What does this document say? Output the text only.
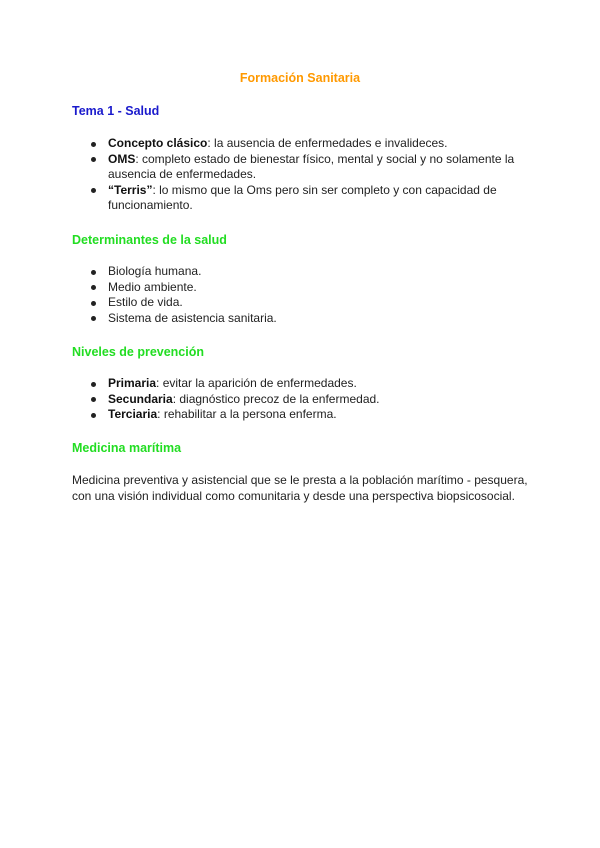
Formación Sanitaria
Tema 1 - Salud
Concepto clásico: la ausencia de enfermedades e invalideces.
OMS: completo estado de bienestar físico, mental y social y no solamente la ausencia de enfermedades.
“Terris”: lo mismo que la Oms pero sin ser completo y con capacidad de funcionamiento.
Determinantes de la salud
Biología humana.
Medio ambiente.
Estilo de vida.
Sistema de asistencia sanitaria.
Niveles de prevención
Primaria: evitar la aparición de enfermedades.
Secundaria: diagnóstico precoz de la enfermedad.
Terciaria: rehabilitar a la persona enferma.
Medicina marítima
Medicina preventiva y asistencial que se le presta a la población marítimo - pesquera, con una visión individual como comunitaria y desde una perspectiva biopsicosocial.
